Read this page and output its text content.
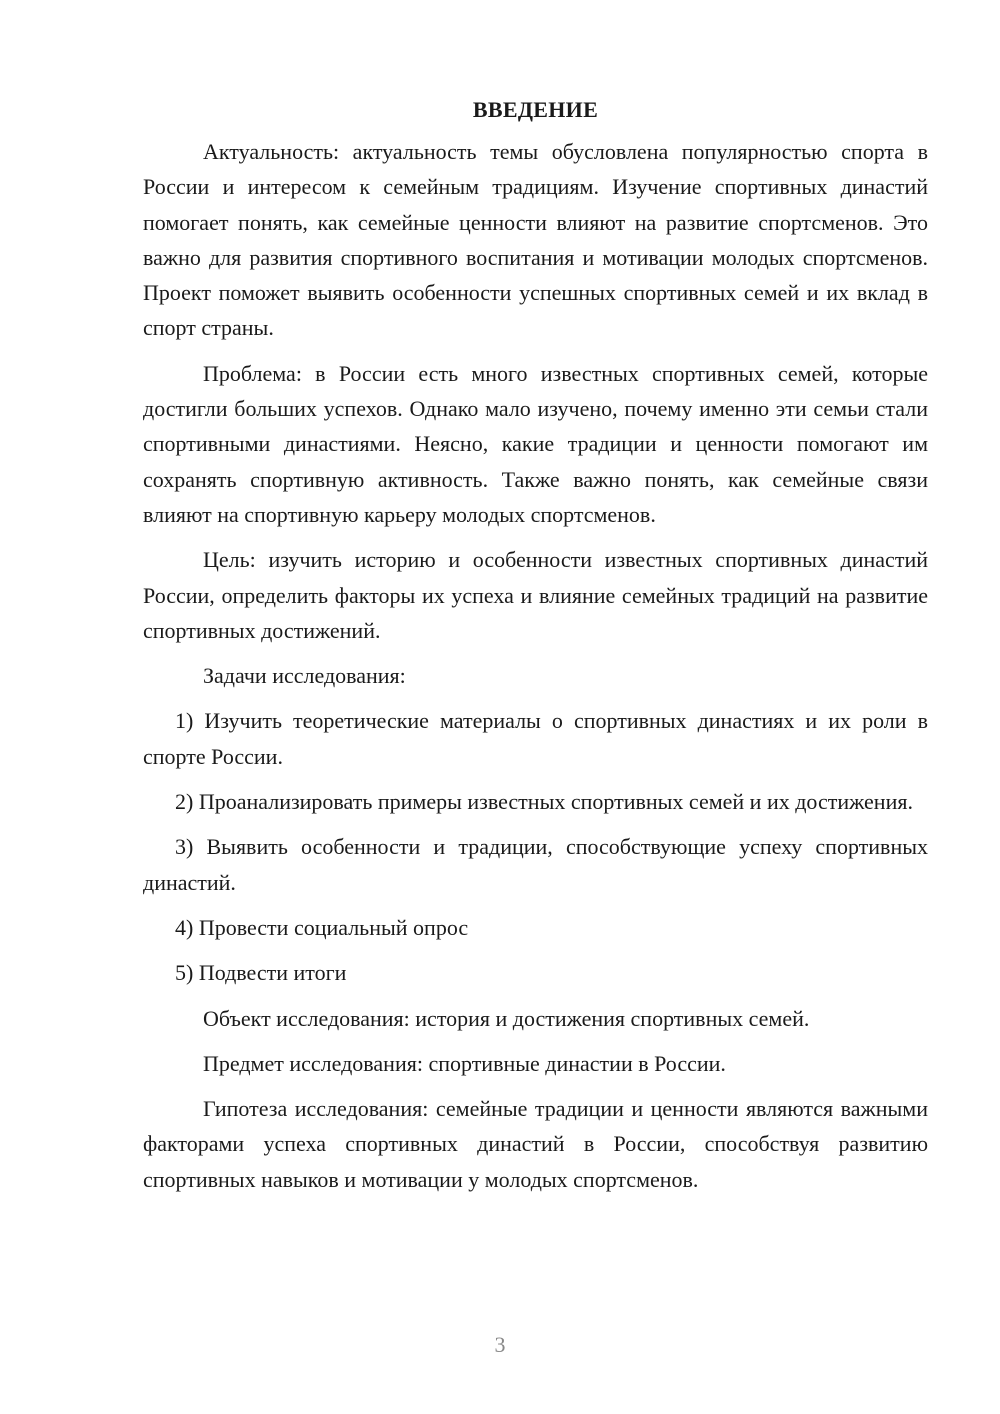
ВВЕДЕНИЕ

Актуальность: актуальность темы обусловлена популярностью спорта в России и интересом к семейным традициям. Изучение спортивных династий помогает понять, как семейные ценности влияют на развитие спортсменов. Это важно для развития спортивного воспитания и мотивации молодых спортсменов. Проект поможет выявить особенности успешных спортивных семей и их вклад в спорт страны.

Проблема: в России есть много известных спортивных семей, которые достигли больших успехов. Однако мало изучено, почему именно эти семьи стали спортивными династиями. Неясно, какие традиции и ценности помогают им сохранять спортивную активность. Также важно понять, как семейные связи влияют на спортивную карьеру молодых спортсменов.

Цель: изучить историю и особенности известных спортивных династий России, определить факторы их успеха и влияние семейных традиций на развитие спортивных достижений.

Задачи исследования:

1) Изучить теоретические материалы о спортивных династиях и их роли в спорте России.

2) Проанализировать примеры известных спортивных семей и их достижения.

3) Выявить особенности и традиции, способствующие успеху спортивных династий.

4) Провести социальный опрос

5) Подвести итоги

Объект исследования: история и достижения спортивных семей.

Предмет исследования: спортивные династии в России.

Гипотеза исследования: семейные традиции и ценности являются важными факторами успеха спортивных династий в России, способствуя развитию спортивных навыков и мотивации у молодых спортсменов.

3
